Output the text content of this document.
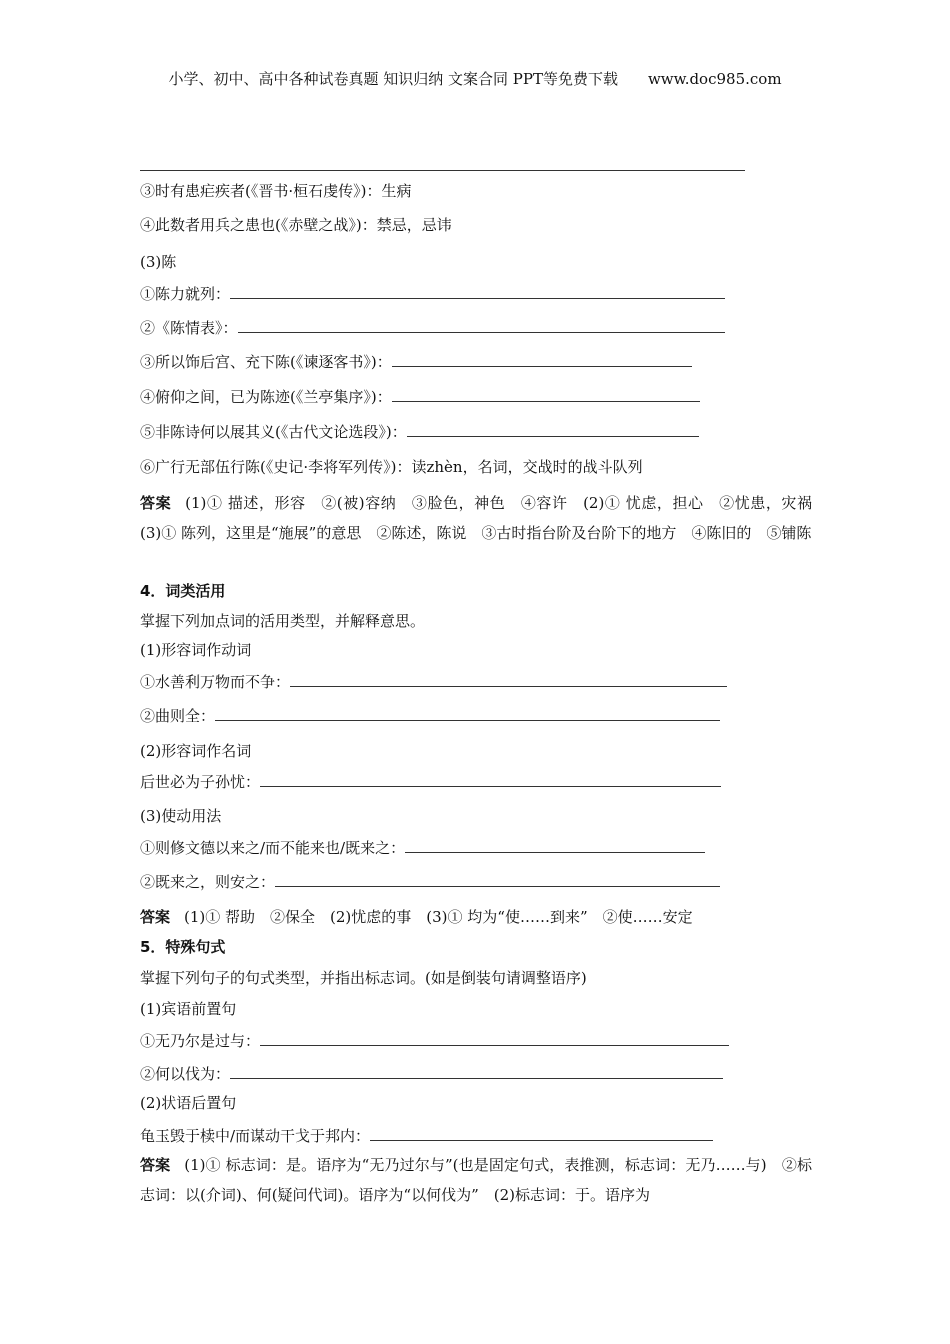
小学、初中、高中各种试卷真题 知识归纳 文案合同 PPT等免费下载 www.doc985.com
③时有患疟疾者(《晋书·桓石虔传》)：生病
④此数者用兵之患也(《赤壁之战》)：禁忌，忌讳
(3)陈
①陈力就列：
②《陈情表》：
③所以饰后宫、充下陈(《谏逐客书》)：
④俯仰之间，已为陈迹(《兰亭集序》)：
⑤非陈诗何以展其义(《古代文论选段》)：
⑥广行无部伍行陈(《史记·李将军列传》)：读zhèn，名词，交战时的战斗队列
答案 (1)① 描述，形容　②(被)容纳　③脸色，神色　④容许　(2)① 忧虑，担心　②忧患，灾祸　(3)① 陈列，这里是“施展”的意思　②陈述，陈说　③古时指台阶及台阶下的地方　④陈旧的　⑤铺陈
4．词类活用
掌握下列加点词的活用类型，并解释意思。
(1)形容词作动词
①水善利万物而不争：
②曲则全：
(2)形容词作名词
后世必为子孙忧：
(3)使动用法
①则修文德以来之/而不能来也/既来之：
②既来之，则安之：
答案 (1)① 帮助　②保全　(2)忧虑的事　(3)① 均为“使……到来”　②使……安定
5．特殊句式
掌握下列句子的句式类型，并指出标志词。(如是倒装句请调整语序)
(1)宾语前置句
①无乃尔是过与：
②何以伐为：
(2)状语后置句
龟玉毁于椟中/而谋动干戈于邦内：
答案 (1)① 标志词：是。语序为“无乃过尔与”(也是固定句式，表推测，标志词：无乃……与)　②标志词：以(介词)、何(疑问代词)。语序为“以何伐为”　(2)标志词：于。语序为
